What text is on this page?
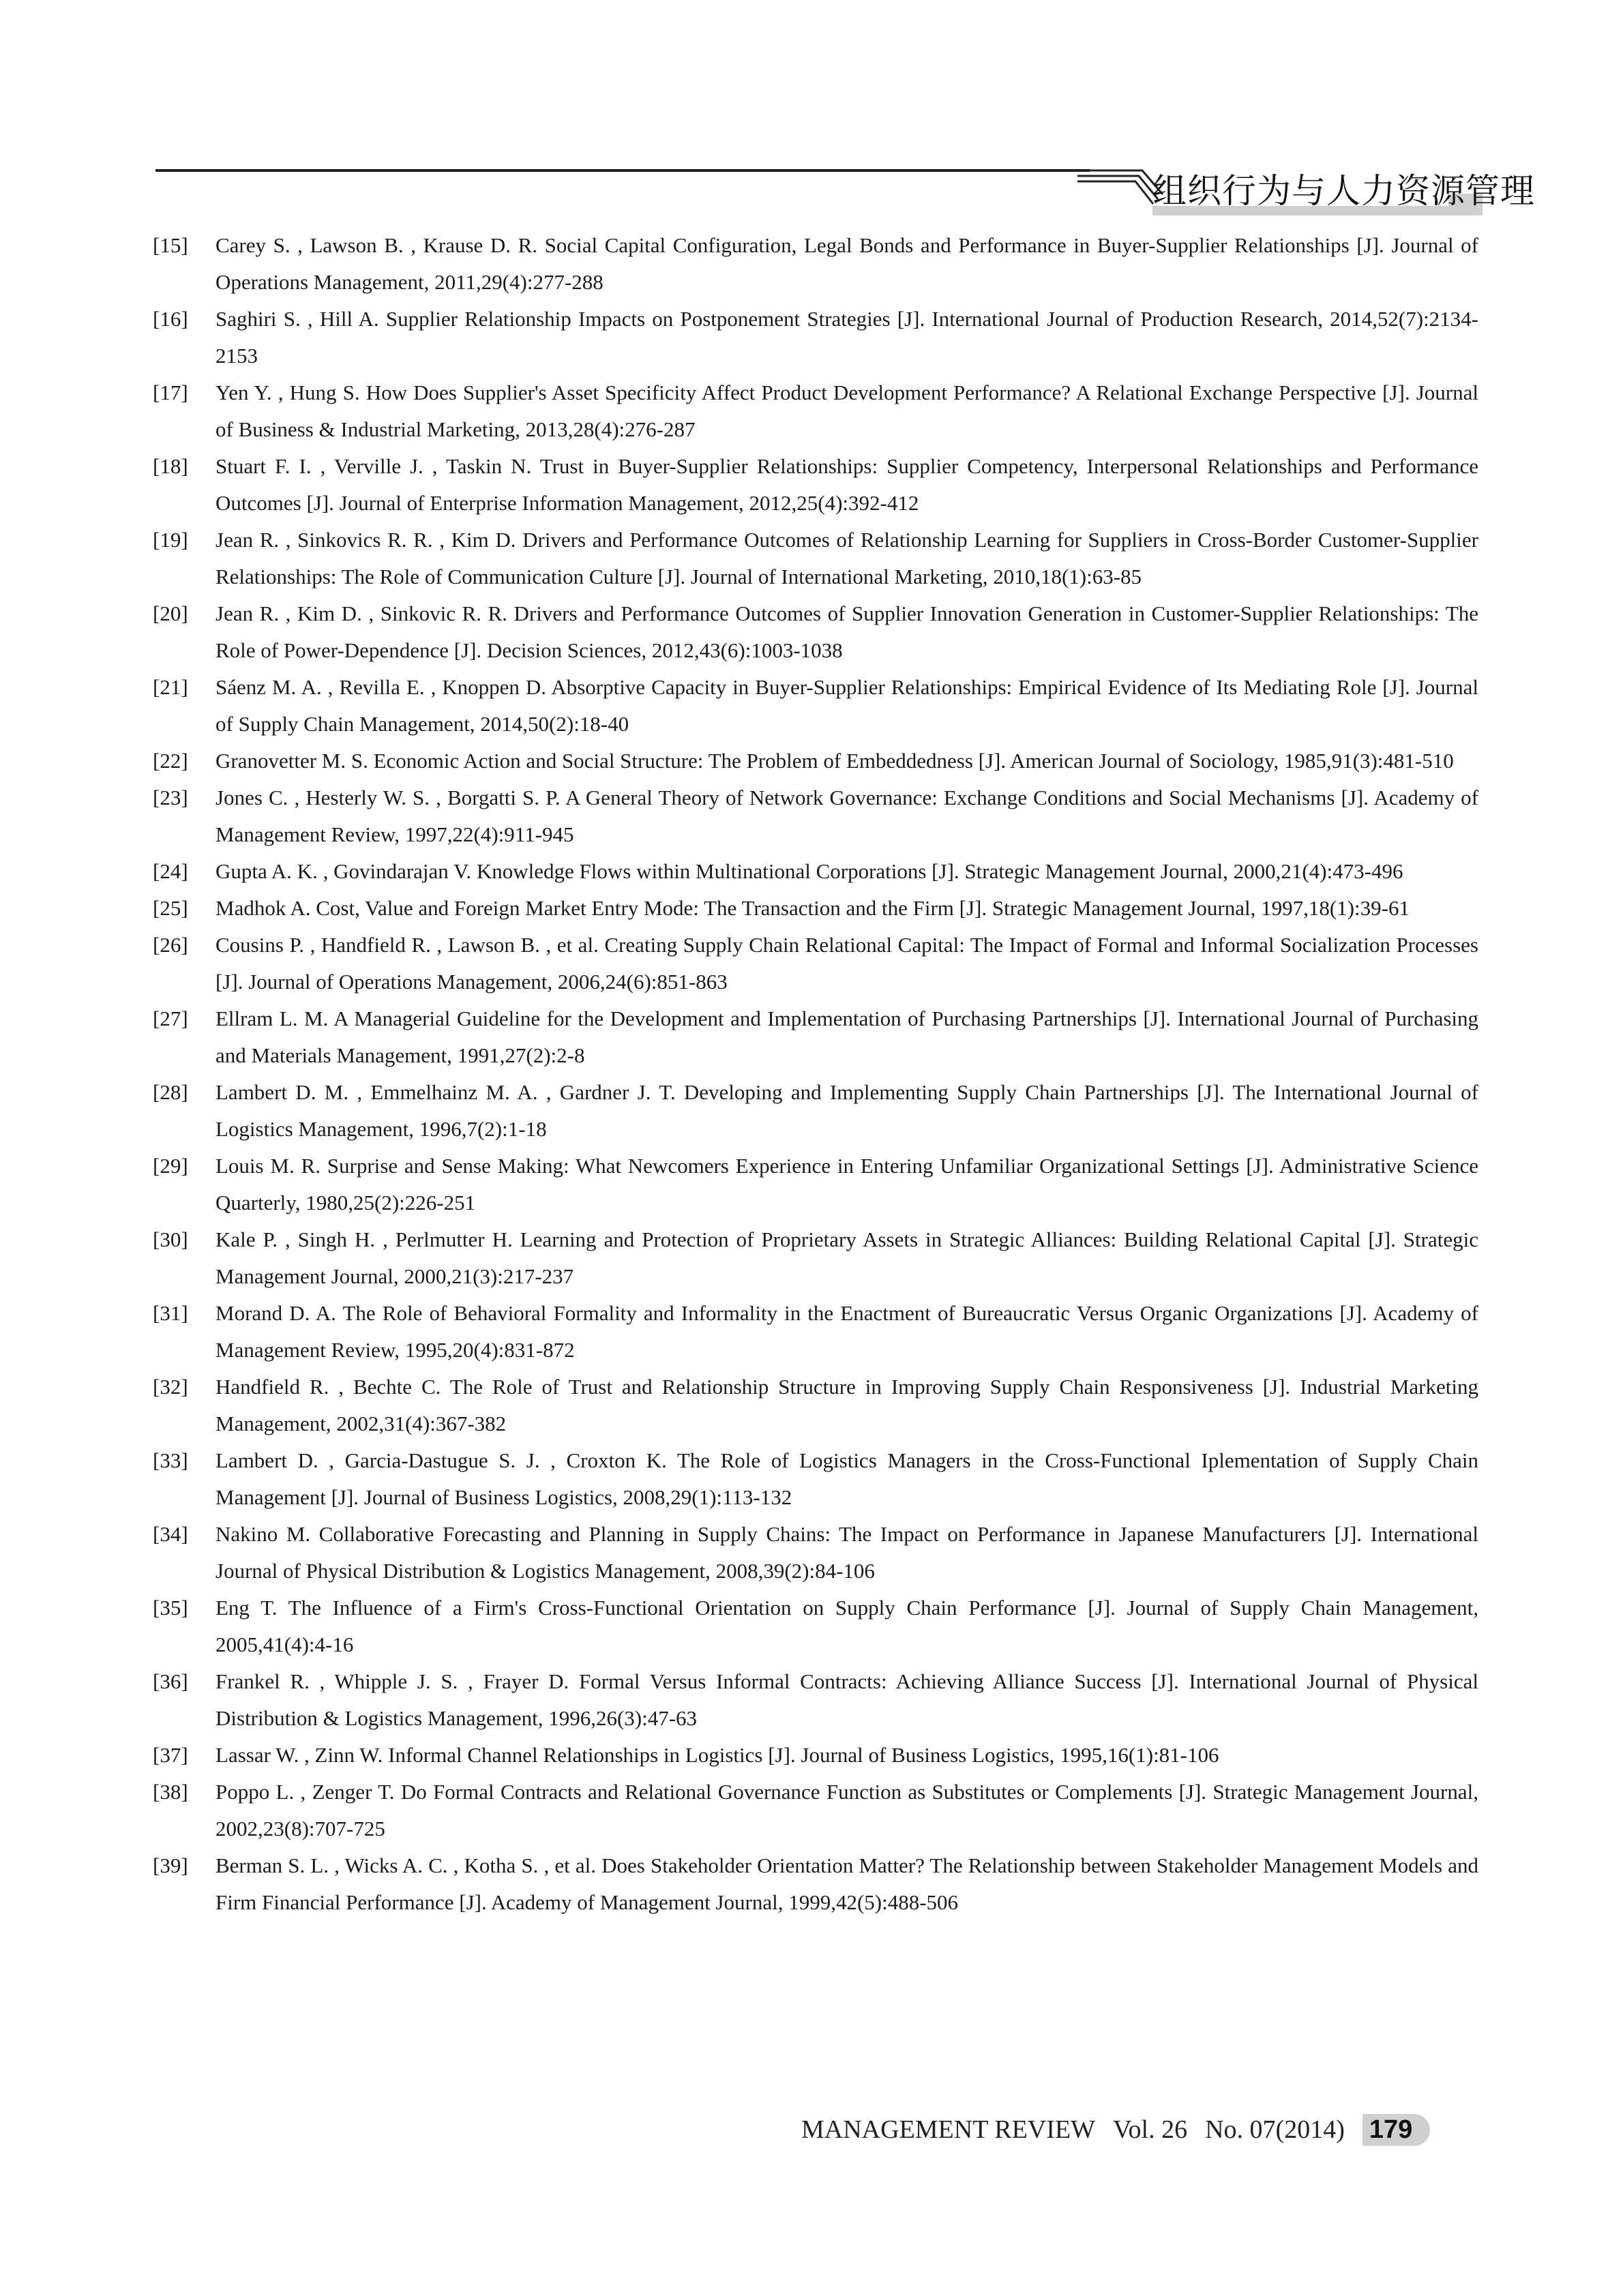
组织行为与人力资源管理
[15]	Carey S. , Lawson B. , Krause D. R. Social Capital Configuration, Legal Bonds and Performance in Buyer-Supplier Relationships [J]. Journal of Operations Management, 2011,29(4):277-288
[16]	Saghiri S. , Hill A. Supplier Relationship Impacts on Postponement Strategies [J]. International Journal of Production Research, 2014,52(7):2134-2153
[17]	Yen Y. , Hung S. How Does Supplier's Asset Specificity Affect Product Development Performance? A Relational Exchange Perspective [J]. Journal of Business & Industrial Marketing, 2013,28(4):276-287
[18]	Stuart F. I. , Verville J. , Taskin N. Trust in Buyer-Supplier Relationships: Supplier Competency, Interpersonal Relationships and Performance Outcomes [J]. Journal of Enterprise Information Management, 2012,25(4):392-412
[19]	Jean R. , Sinkovics R. R. , Kim D. Drivers and Performance Outcomes of Relationship Learning for Suppliers in Cross-Border Customer-Supplier Relationships: The Role of Communication Culture [J]. Journal of International Marketing, 2010,18(1):63-85
[20]	Jean R. , Kim D. , Sinkovic R. R. Drivers and Performance Outcomes of Supplier Innovation Generation in Customer-Supplier Relationships: The Role of Power-Dependence [J]. Decision Sciences, 2012,43(6):1003-1038
[21]	Sáenz M. A. , Revilla E. , Knoppen D. Absorptive Capacity in Buyer-Supplier Relationships: Empirical Evidence of Its Mediating Role [J]. Journal of Supply Chain Management, 2014,50(2):18-40
[22]	Granovetter M. S. Economic Action and Social Structure: The Problem of Embeddedness [J]. American Journal of Sociology, 1985,91(3):481-510
[23]	Jones C. , Hesterly W. S. , Borgatti S. P. A General Theory of Network Governance: Exchange Conditions and Social Mechanisms [J]. Academy of Management Review, 1997,22(4):911-945
[24]	Gupta A. K. , Govindarajan V. Knowledge Flows within Multinational Corporations [J]. Strategic Management Journal, 2000,21(4):473-496
[25]	Madhok A. Cost, Value and Foreign Market Entry Mode: The Transaction and the Firm [J]. Strategic Management Journal, 1997,18(1):39-61
[26]	Cousins P. , Handfield R. , Lawson B. , et al. Creating Supply Chain Relational Capital: The Impact of Formal and Informal Socialization Processes [J]. Journal of Operations Management, 2006,24(6):851-863
[27]	Ellram L. M. A Managerial Guideline for the Development and Implementation of Purchasing Partnerships [J]. International Journal of Purchasing and Materials Management, 1991,27(2):2-8
[28]	Lambert D. M. , Emmelhainz M. A. , Gardner J. T. Developing and Implementing Supply Chain Partnerships [J]. The International Journal of Logistics Management, 1996,7(2):1-18
[29]	Louis M. R. Surprise and Sense Making: What Newcomers Experience in Entering Unfamiliar Organizational Settings [J]. Administrative Science Quarterly, 1980,25(2):226-251
[30]	Kale P. , Singh H. , Perlmutter H. Learning and Protection of Proprietary Assets in Strategic Alliances: Building Relational Capital [J]. Strategic Management Journal, 2000,21(3):217-237
[31]	Morand D. A. The Role of Behavioral Formality and Informality in the Enactment of Bureaucratic Versus Organic Organizations [J]. Academy of Management Review, 1995,20(4):831-872
[32]	Handfield R. , Bechte C. The Role of Trust and Relationship Structure in Improving Supply Chain Responsiveness [J]. Industrial Marketing Management, 2002,31(4):367-382
[33]	Lambert D. , Garcia-Dastugue S. J. , Croxton K. The Role of Logistics Managers in the Cross-Functional Iplementation of Supply Chain Management [J]. Journal of Business Logistics, 2008,29(1):113-132
[34]	Nakino M. Collaborative Forecasting and Planning in Supply Chains: The Impact on Performance in Japanese Manufacturers [J]. International Journal of Physical Distribution & Logistics Management, 2008,39(2):84-106
[35]	Eng T. The Influence of a Firm's Cross-Functional Orientation on Supply Chain Performance [J]. Journal of Supply Chain Management, 2005,41(4):4-16
[36]	Frankel R. , Whipple J. S. , Frayer D. Formal Versus Informal Contracts: Achieving Alliance Success [J]. International Journal of Physical Distribution & Logistics Management, 1996,26(3):47-63
[37]	Lassar W. , Zinn W. Informal Channel Relationships in Logistics [J]. Journal of Business Logistics, 1995,16(1):81-106
[38]	Poppo L. , Zenger T. Do Formal Contracts and Relational Governance Function as Substitutes or Complements [J]. Strategic Management Journal, 2002,23(8):707-725
[39]	Berman S. L. , Wicks A. C. , Kotha S. , et al. Does Stakeholder Orientation Matter? The Relationship between Stakeholder Management Models and Firm Financial Performance [J]. Academy of Management Journal, 1999,42(5):488-506
MANAGEMENT REVIEW Vol. 26 No. 07(2014) 179
